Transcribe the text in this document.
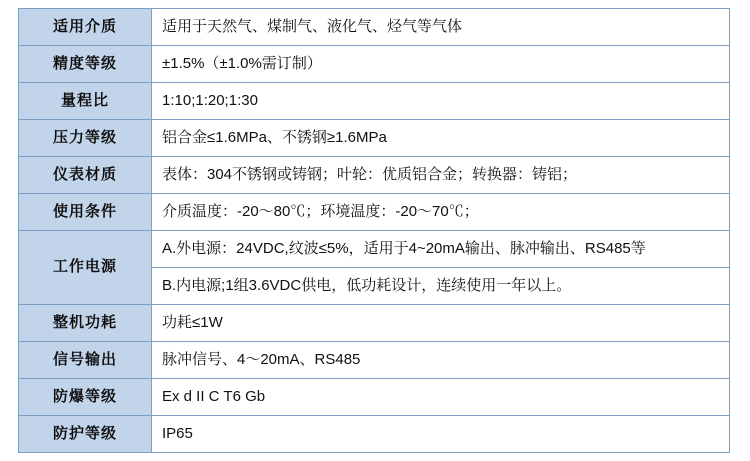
适用介质	适用于天然气、煤制气、液化气、烃气等气体
精度等级	±1.5%（±1.0%需订制）
量程比	1:10;1:20;1:30
压力等级	铝合金≤1.6MPa、不锈钢≥1.6MPa
仪表材质	表体：304不锈钢或铸钢；叶轮：优质铝合金；转换器：铸铝；
使用条件	介质温度：-20～80℃；环境温度：-20～70℃；
工作电源	A.外电源：24VDC,纹波≤5%，适用于4~20mA输出、脉冲输出、RS485等
	B.内电源;1组3.6VDC供电，低功耗设计，连续使用一年以上。
整机功耗	功耗≤1W
信号输出	脉冲信号、4～20mA、RS485
防爆等级	Ex d II C T6 Gb
防护等级	IP65
